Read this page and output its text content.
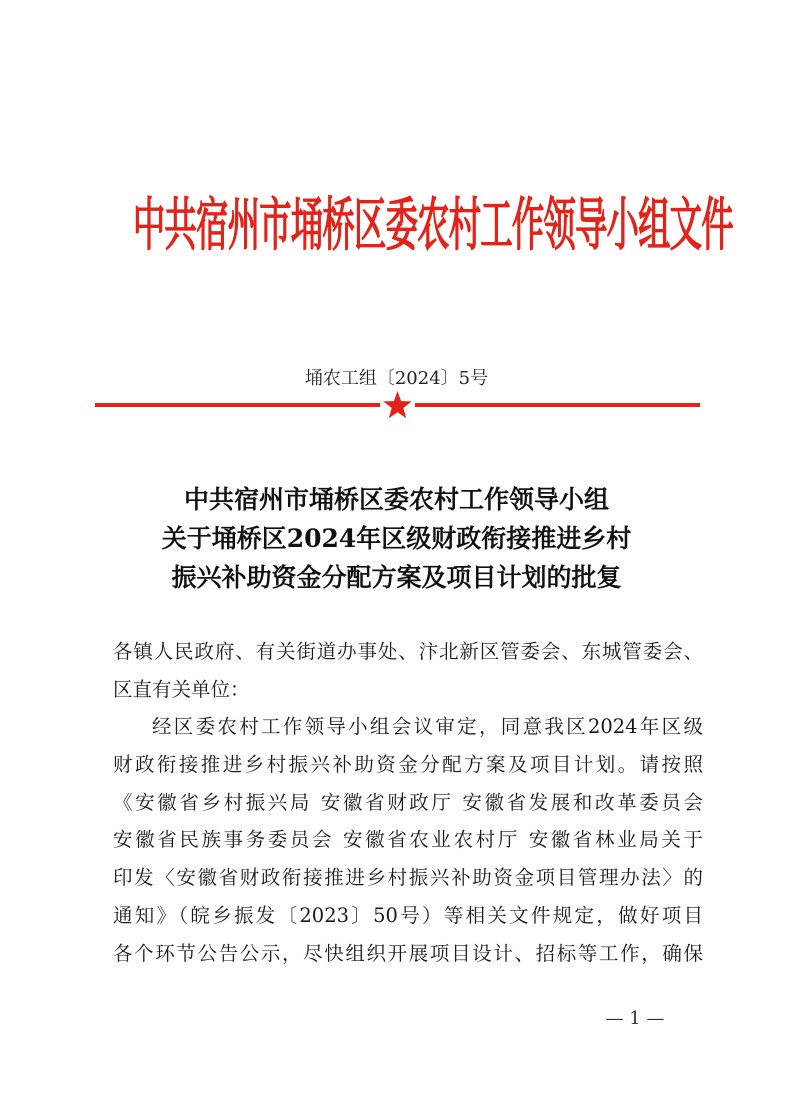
中共宿州市埇桥区委农村工作领导小组文件
埇农工组〔2024〕5号
中共宿州市埇桥区委农村工作领导小组
关于埇桥区2024年区级财政衔接推进乡村
振兴补助资金分配方案及项目计划的批复
各镇人民政府、有关街道办事处、汴北新区管委会、东城管委会、
区直有关单位：
经区委农村工作领导小组会议审定，同意我区2024年区级
财政衔接推进乡村振兴补助资金分配方案及项目计划。请按照
《安徽省乡村振兴局 安徽省财政厅 安徽省发展和改革委员会
安徽省民族事务委员会 安徽省农业农村厅 安徽省林业局关于
印发〈安徽省财政衔接推进乡村振兴补助资金项目管理办法〉的
通知》（皖乡振发〔2023〕50号）等相关文件规定，做好项目
各个环节公告公示，尽快组织开展项目设计、招标等工作，确保
— 1 —
